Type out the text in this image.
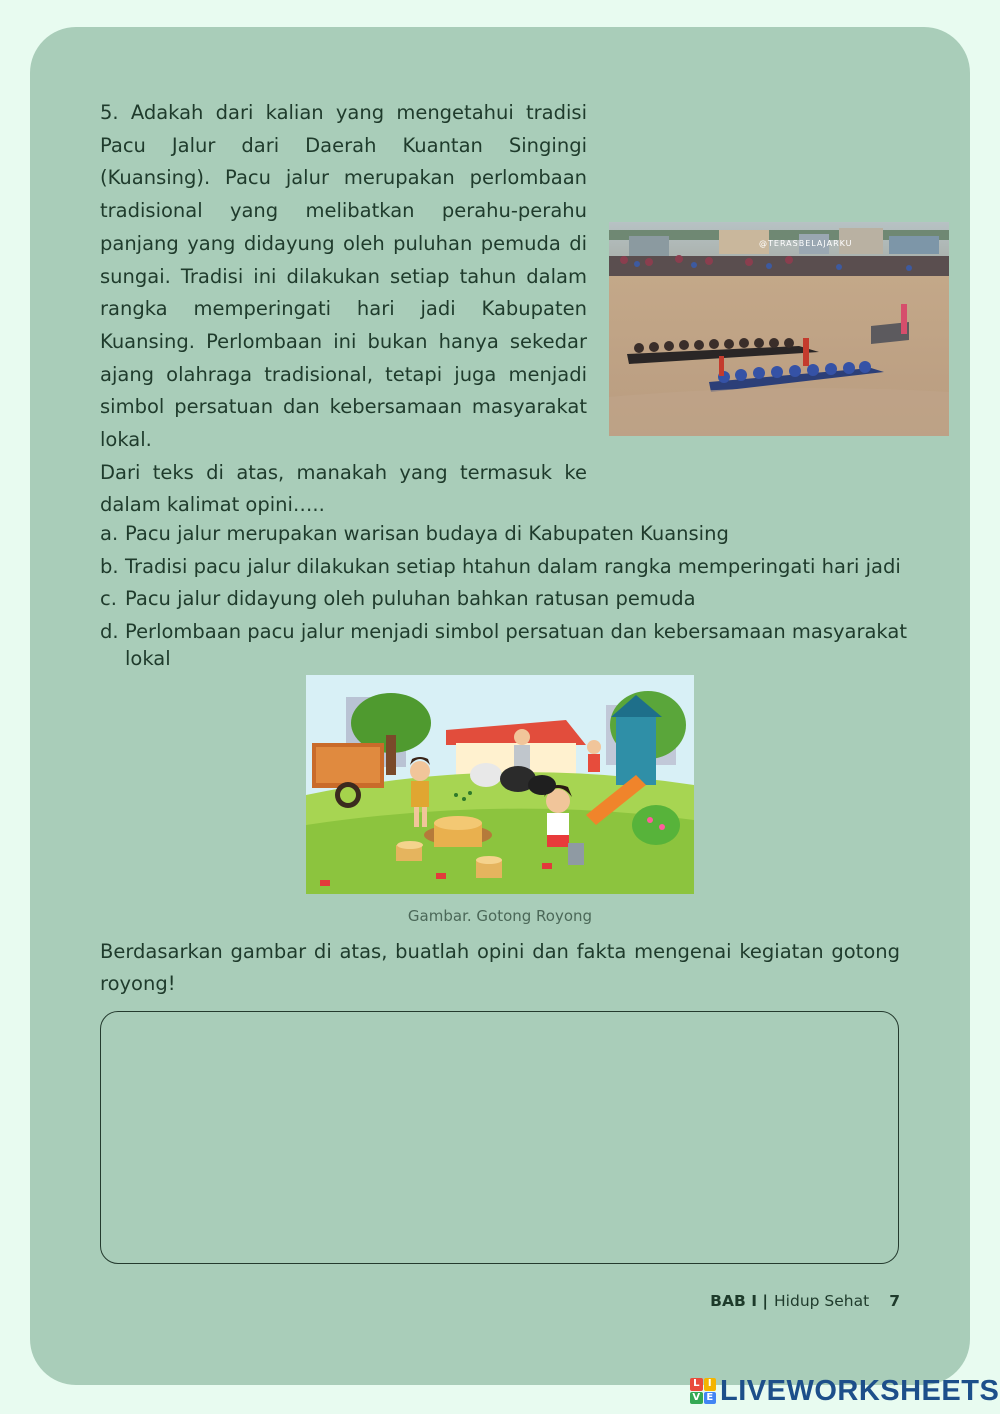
5. Adakah dari kalian yang mengetahui tradisi Pacu Jalur dari Daerah Kuantan Singingi (Kuansing). Pacu jalur merupakan perlombaan tradisional yang melibatkan perahu-perahu panjang yang didayung oleh puluhan pemuda di sungai. Tradisi ini dilakukan setiap tahun dalam rangka memperingati hari jadi Kabupaten Kuansing. Perlombaan ini bukan hanya sekedar ajang olahraga tradisional, tetapi juga menjadi simbol persatuan dan kebersamaan masyarakat lokal.
Dari teks di atas, manakah yang termasuk ke dalam kalimat opini…..

@TERASBELAJARKU
a. Pacu jalur merupakan warisan budaya di Kabupaten Kuansing
b. Tradisi pacu jalur dilakukan setiap htahun dalam rangka memperingati hari jadi
c. Pacu jalur didayung oleh puluhan bahkan ratusan pemuda
d. Perlombaan pacu jalur menjadi simbol persatuan dan kebersamaan masyarakat lokal
Gambar. Gotong Royong
Berdasarkan gambar di atas, buatlah opini dan fakta mengenai kegiatan gotong royong!
BAB I | Hidup Sehat 7
L I
V E LIVEWORKSHEETS
